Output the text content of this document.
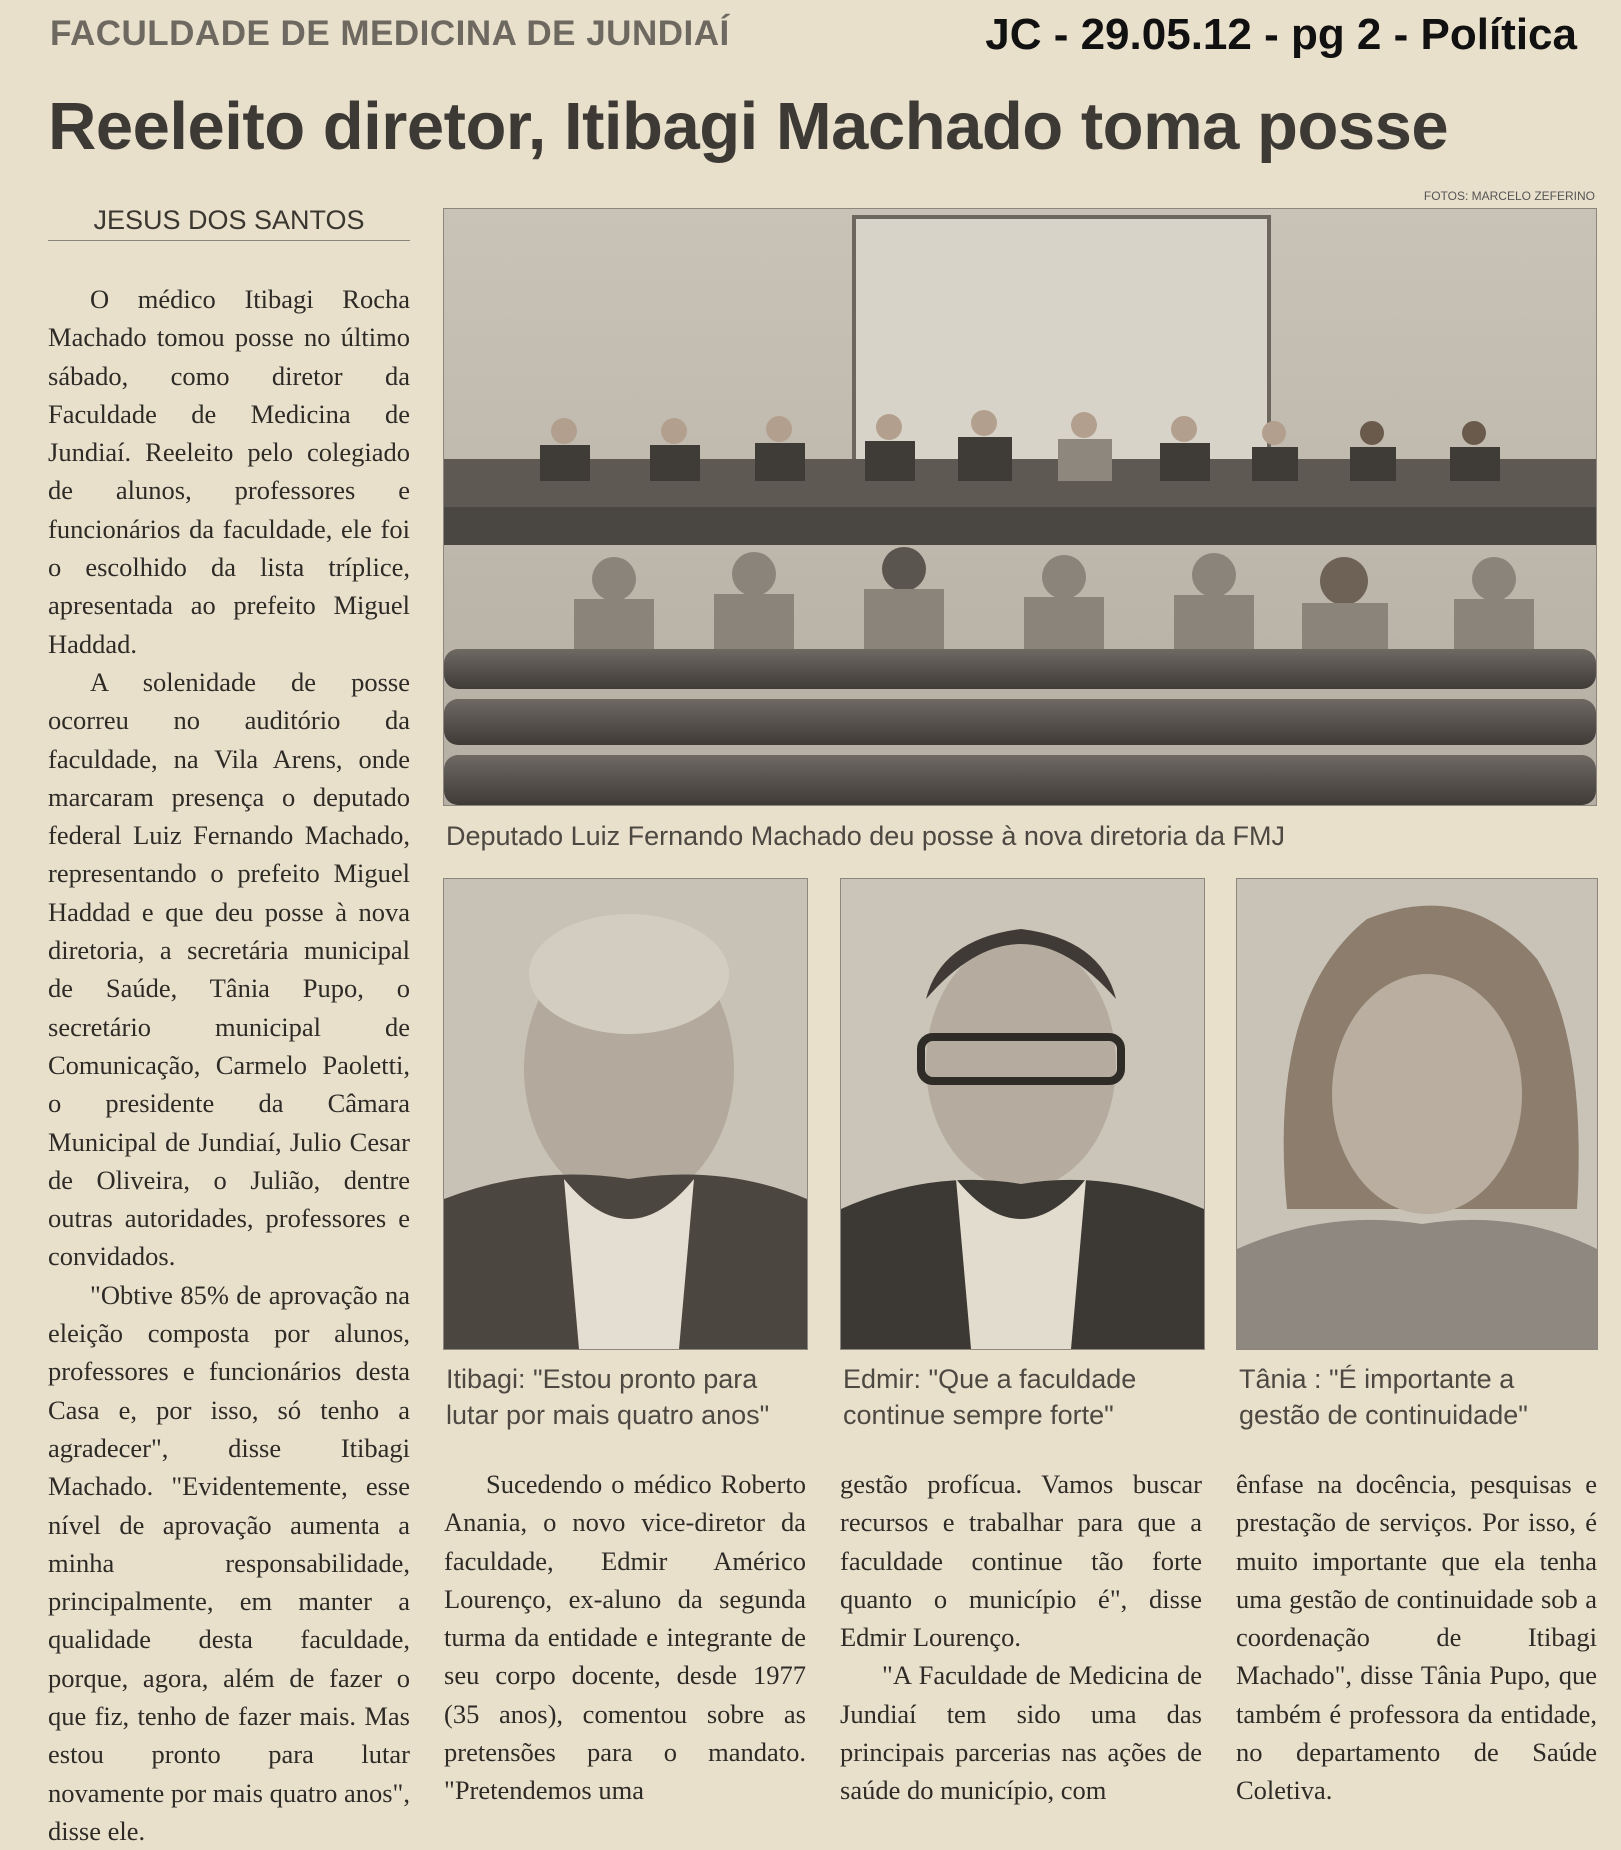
FACULDADE DE MEDICINA DE JUNDIAÍ	JC - 29.05.12 - pg 2 - Política
Reeleito diretor, Itibagi Machado toma posse
FOTOS: MARCELO ZEFERINO
JESUS DOS SANTOS

O médico Itibagi Rocha Machado tomou posse no último sábado, como diretor da Faculdade de Medicina de Jundiaí. Reeleito pelo colegiado de alunos, professores e funcionários da faculdade, ele foi o escolhido da lista tríplice, apresentada ao prefeito Miguel Haddad.

A solenidade de posse ocorreu no auditório da faculdade, na Vila Arens, onde marcaram presença o deputado federal Luiz Fernando Machado, representando o prefeito Miguel Haddad e que deu posse à nova diretoria, a secretária municipal de Saúde, Tânia Pupo, o secretário municipal de Comunicação, Carmelo Paoletti, o presidente da Câmara Municipal de Jundiaí, Julio Cesar de Oliveira, o Julião, dentre outras autoridades, professores e convidados.

"Obtive 85% de aprovação na eleição composta por alunos, professores e funcionários desta Casa e, por isso, só tenho a agradecer", disse Itibagi Machado. "Evidentemente, esse nível de aprovação aumenta a minha responsabilidade, principalmente, em manter a qualidade desta faculdade, porque, agora, além de fazer o que fiz, tenho de fazer mais. Mas estou pronto para lutar novamente por mais quatro anos", disse ele.

Deputado Luiz Fernando Machado deu posse à nova diretoria da FMJ
Itibagi: "Estou pronto para lutar por mais quatro anos"
Edmir: "Que a faculdade continue sempre forte"
Tânia : "É importante a gestão de continuidade"

Sucedendo o médico Roberto Anania, o novo vice-diretor da faculdade, Edmir Américo Lourenço, ex-aluno da segunda turma da entidade e integrante de seu corpo docente, desde 1977 (35 anos), comentou sobre as pretensões para o mandato. "Pretendemos uma

gestão profícua. Vamos buscar recursos e trabalhar para que a faculdade continue tão forte quanto o município é", disse Edmir Lourenço.

"A Faculdade de Medicina de Jundiaí tem sido uma das principais parcerias nas ações de saúde do município, com

ênfase na docência, pesquisas e prestação de serviços. Por isso, é muito importante que ela tenha uma gestão de continuidade sob a coordenação de Itibagi Machado", disse Tânia Pupo, que também é professora da entidade, no departamento de Saúde Coletiva.
